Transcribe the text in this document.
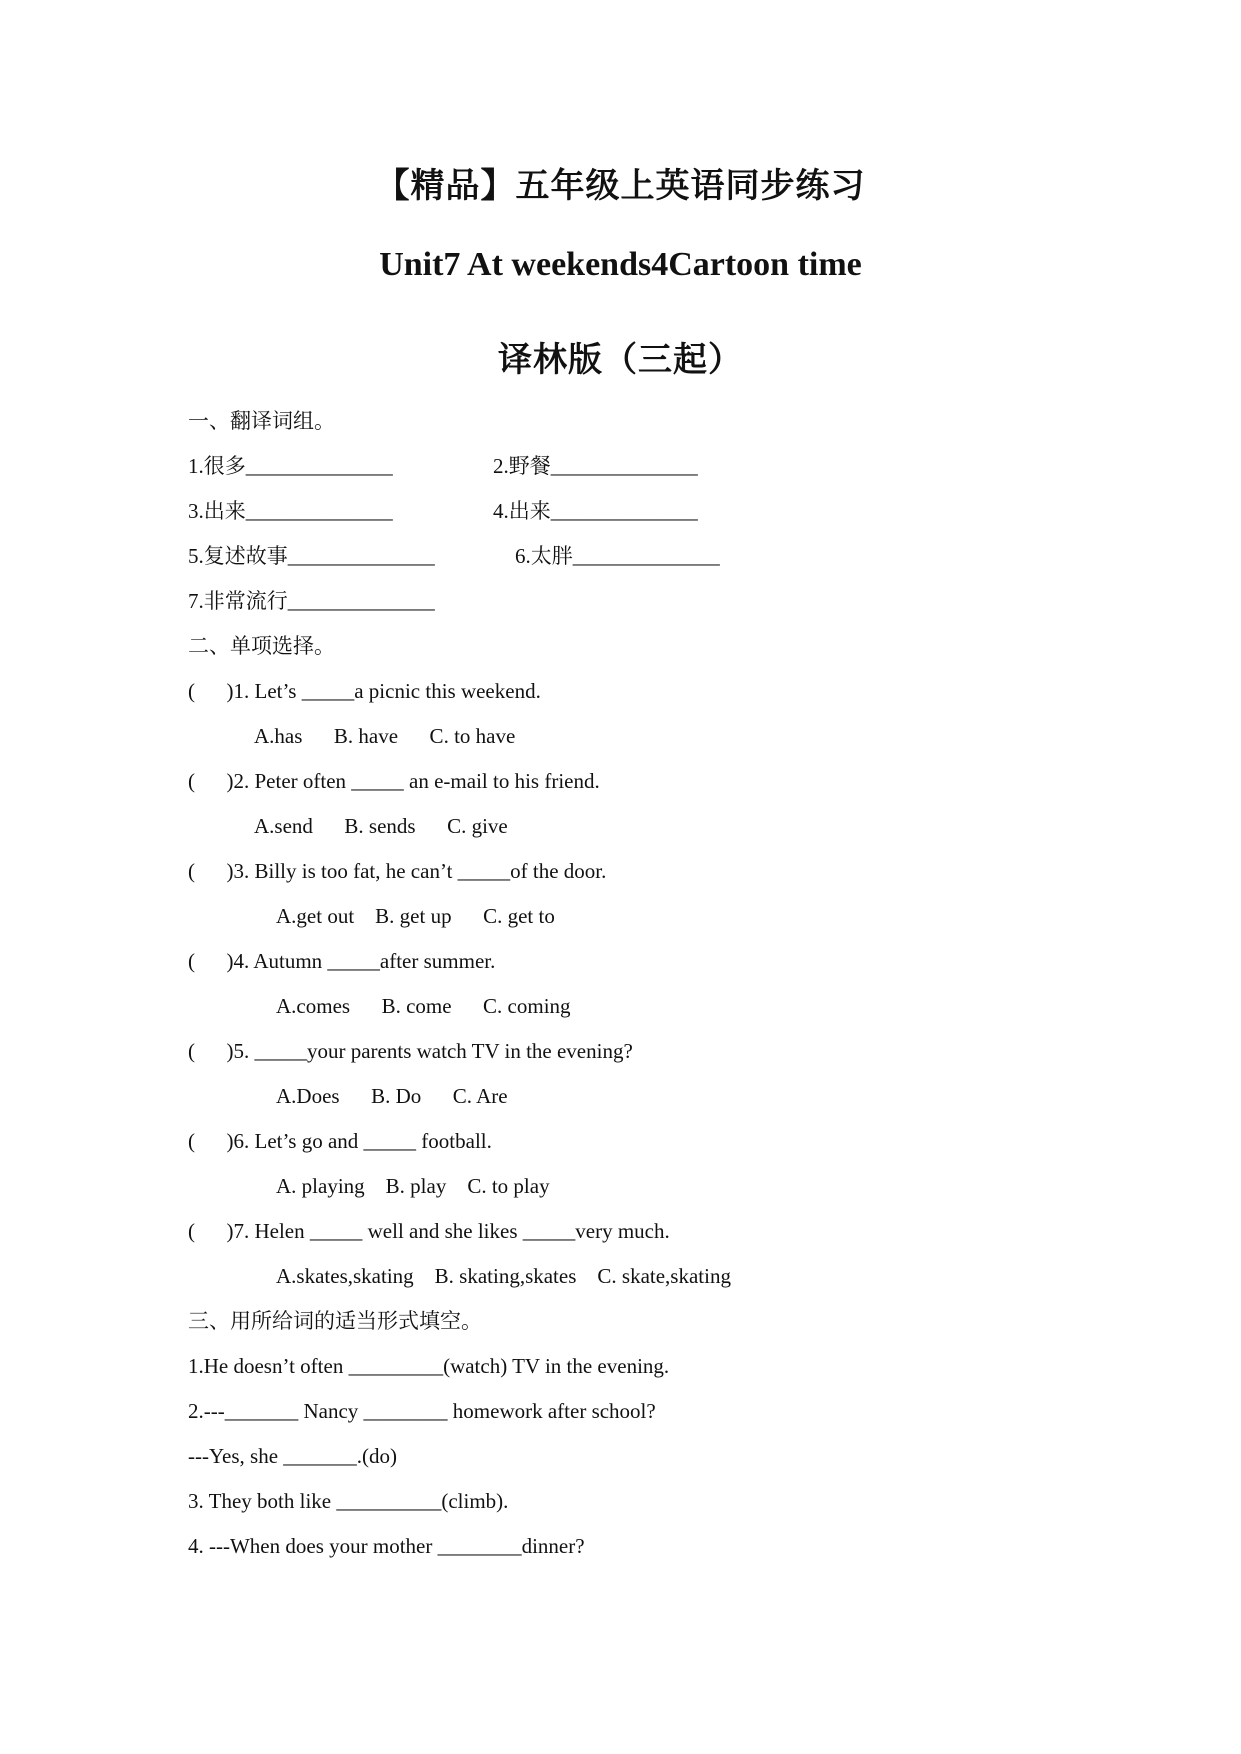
【精品】五年级上英语同步练习
Unit7 At weekends4Cartoon time
译林版（三起）
一、翻译词组。
1.很多______________	2.野餐______________
3.出来______________	4.出来______________
5.复述故事______________	6.太胖______________
7.非常流行______________
二、单项选择。
(      )1. Let’s _____a picnic this weekend.
A.has      B. have      C. to have
(      )2. Peter often _____ an e-mail to his friend.
A.send      B. sends      C. give
(      )3. Billy is too fat, he can’t _____of the door.
A.get out    B. get up      C. get to
(      )4. Autumn _____after summer.
A.comes      B. come      C. coming
(      )5. _____your parents watch TV in the evening?
A.Does      B. Do      C. Are
(      )6. Let’s go and _____ football.
A. playing    B. play    C. to play
(      )7. Helen _____ well and she likes _____very much.
A.skates,skating    B. skating,skates    C. skate,skating
三、用所给词的适当形式填空。
1.He doesn’t often _________(watch) TV in the evening.
2.---_______ Nancy ________ homework after school?
---Yes, she _______.(do)
3. They both like __________(climb).
4. ---When does your mother ________dinner?
